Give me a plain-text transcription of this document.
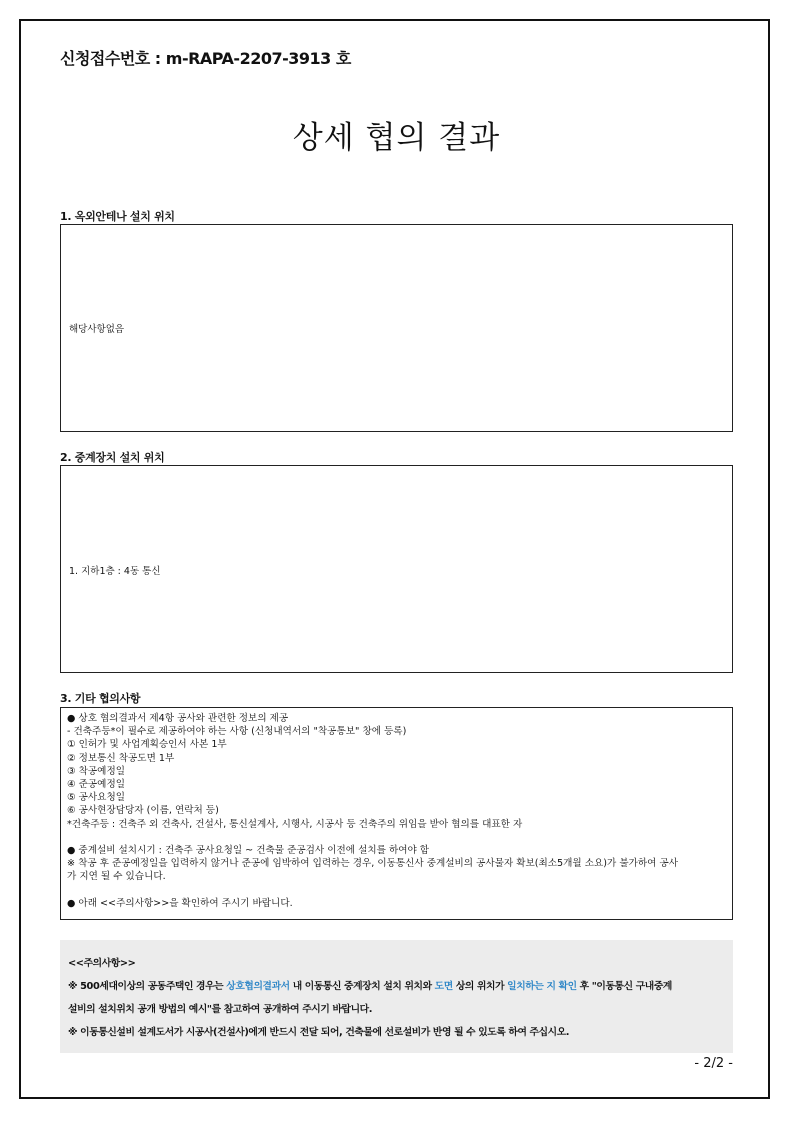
신청접수번호 : m-RAPA-2207-3913 호
상세 협의 결과
1. 옥외안테나 설치 위치
해당사항없음
2. 중계장치 설치 위치
1. 지하1층 : 4동 통신
3. 기타 협의사항
● 상호 협의결과서 제4항 공사와 관련한 정보의 제공
- 건축주등*이 필수로 제공하여야 하는 사항 (신청내역서의 "착공통보" 창에 등록)
① 인허가 및 사업계획승인서 사본 1부
② 정보통신 착공도면 1부
③ 착공예정일
④ 준공예정일
⑤ 공사요청일
⑥ 공사현장담당자 (이름, 연락처 등)
*건축주등 : 건축주 외 건축사, 건설사, 통신설계사, 시행사, 시공사 등 건축주의 위임을 받아 협의를 대표한 자

● 중계설비 설치시기 : 건축주 공사요청일 ~ 건축물 준공검사 이전에 설치를 하여야 함
※ 착공 후 준공예정일을 입력하지 않거나 준공에 임박하여 입력하는 경우, 이동통신사 중계설비의 공사물자 확보(최소5개월 소요)가 불가하여 공사
가 지연 될 수 있습니다.

● 아래 <<주의사항>>을 확인하여 주시기 바랍니다.
<<주의사항>>
※ 500세대이상의 공동주택인 경우는 상호협의결과서 내 이동통신 중계장치 설치 위치와 도면 상의 위치가 일치하는 지 확인 후 "이동통신 구내중계
설비의 설치위치 공개 방법의 예시"를 참고하여 공개하여 주시기 바랍니다.
※ 이동통신설비 설계도서가 시공사(건설사)에게 반드시 전달 되어, 건축물에 선로설비가 반영 될 수 있도록 하여 주십시오.
- 2/2 -
